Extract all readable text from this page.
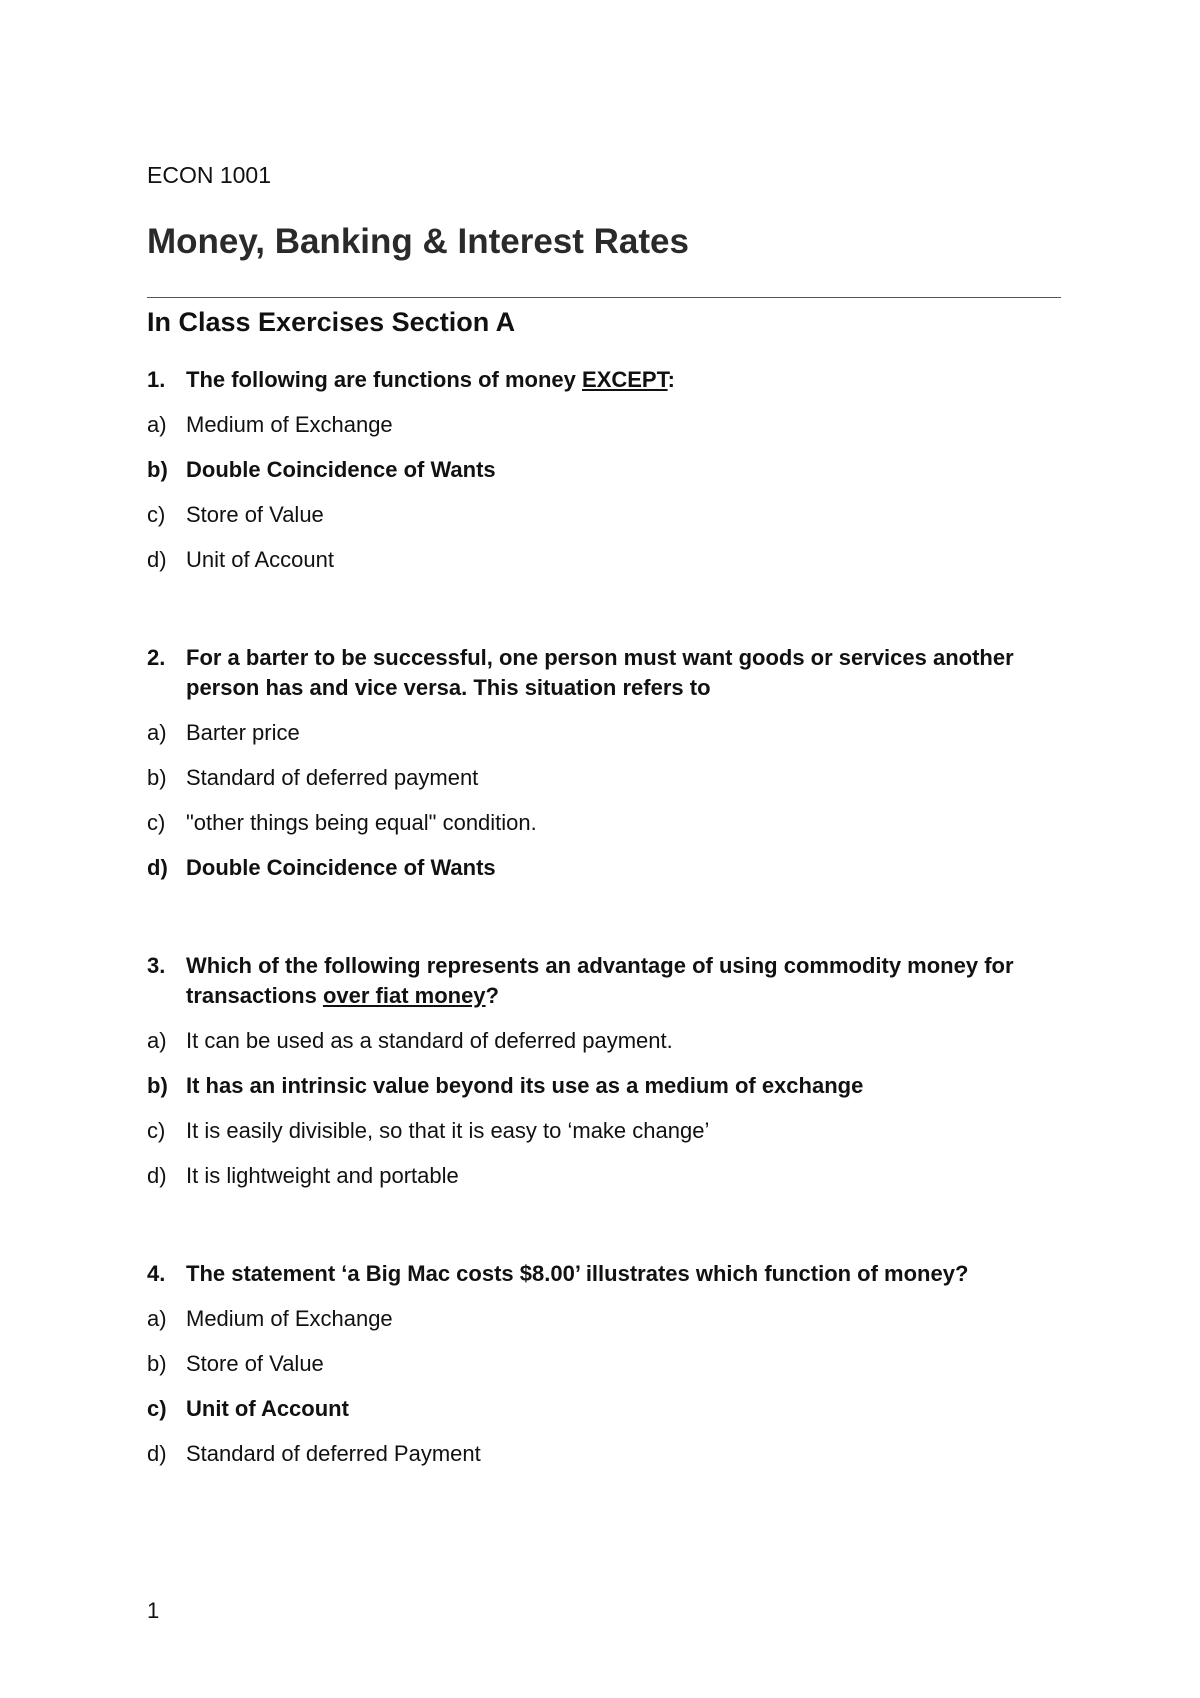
ECON 1001

Money, Banking & Interest Rates
In Class Exercises Section A
1. The following are functions of money EXCEPT:
a) Medium of Exchange
b) Double Coincidence of Wants
c) Store of Value
d) Unit of Account
2. For a barter to be successful, one person must want goods or services another person has and vice versa. This situation refers to
a) Barter price
b) Standard of deferred payment
c) "other things being equal" condition.
d) Double Coincidence of Wants
3. Which of the following represents an advantage of using commodity money for transactions over fiat money?
a) It can be used as a standard of deferred payment.
b) It has an intrinsic value beyond its use as a medium of exchange
c) It is easily divisible, so that it is easy to ‘make change’
d) It is lightweight and portable
4. The statement ‘a Big Mac costs $8.00’ illustrates which function of money?
a) Medium of Exchange
b) Store of Value
c) Unit of Account
d) Standard of deferred Payment
1
